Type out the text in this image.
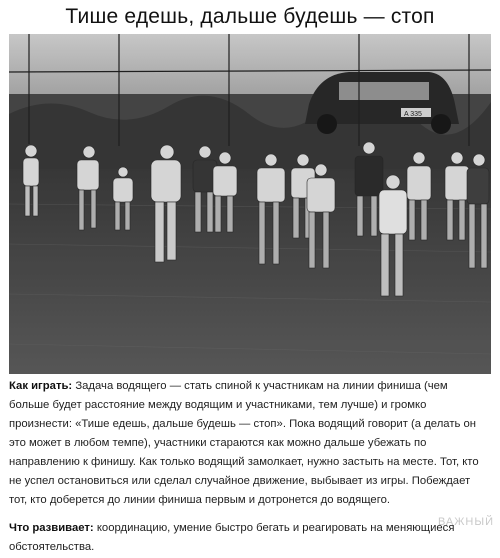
Тише едешь, дальше будешь — стоп
A 335

Как играть: Задача водящего — стать спиной к участникам на линии финиша (чем больше будет расстояние между водящим и участниками, тем лучше) и громко произнести: «Тише едешь, дальше будешь — стоп». Пока водящий говорит (а делать он это может в любом темпе), участники стараются как можно дальше убежать по направлению к финишу. Как только водящий замолкает, нужно застыть на месте. Тот, кто не успел остановиться или сделал случайное движение, выбывает из игры. Побеждает тот, кто доберется до линии финиша первым и дотронется до водящего.

Что развивает: координацию, умение быстро бегать и реагировать на меняющиеся обстоятельства.

ВАЖНЫЙ
